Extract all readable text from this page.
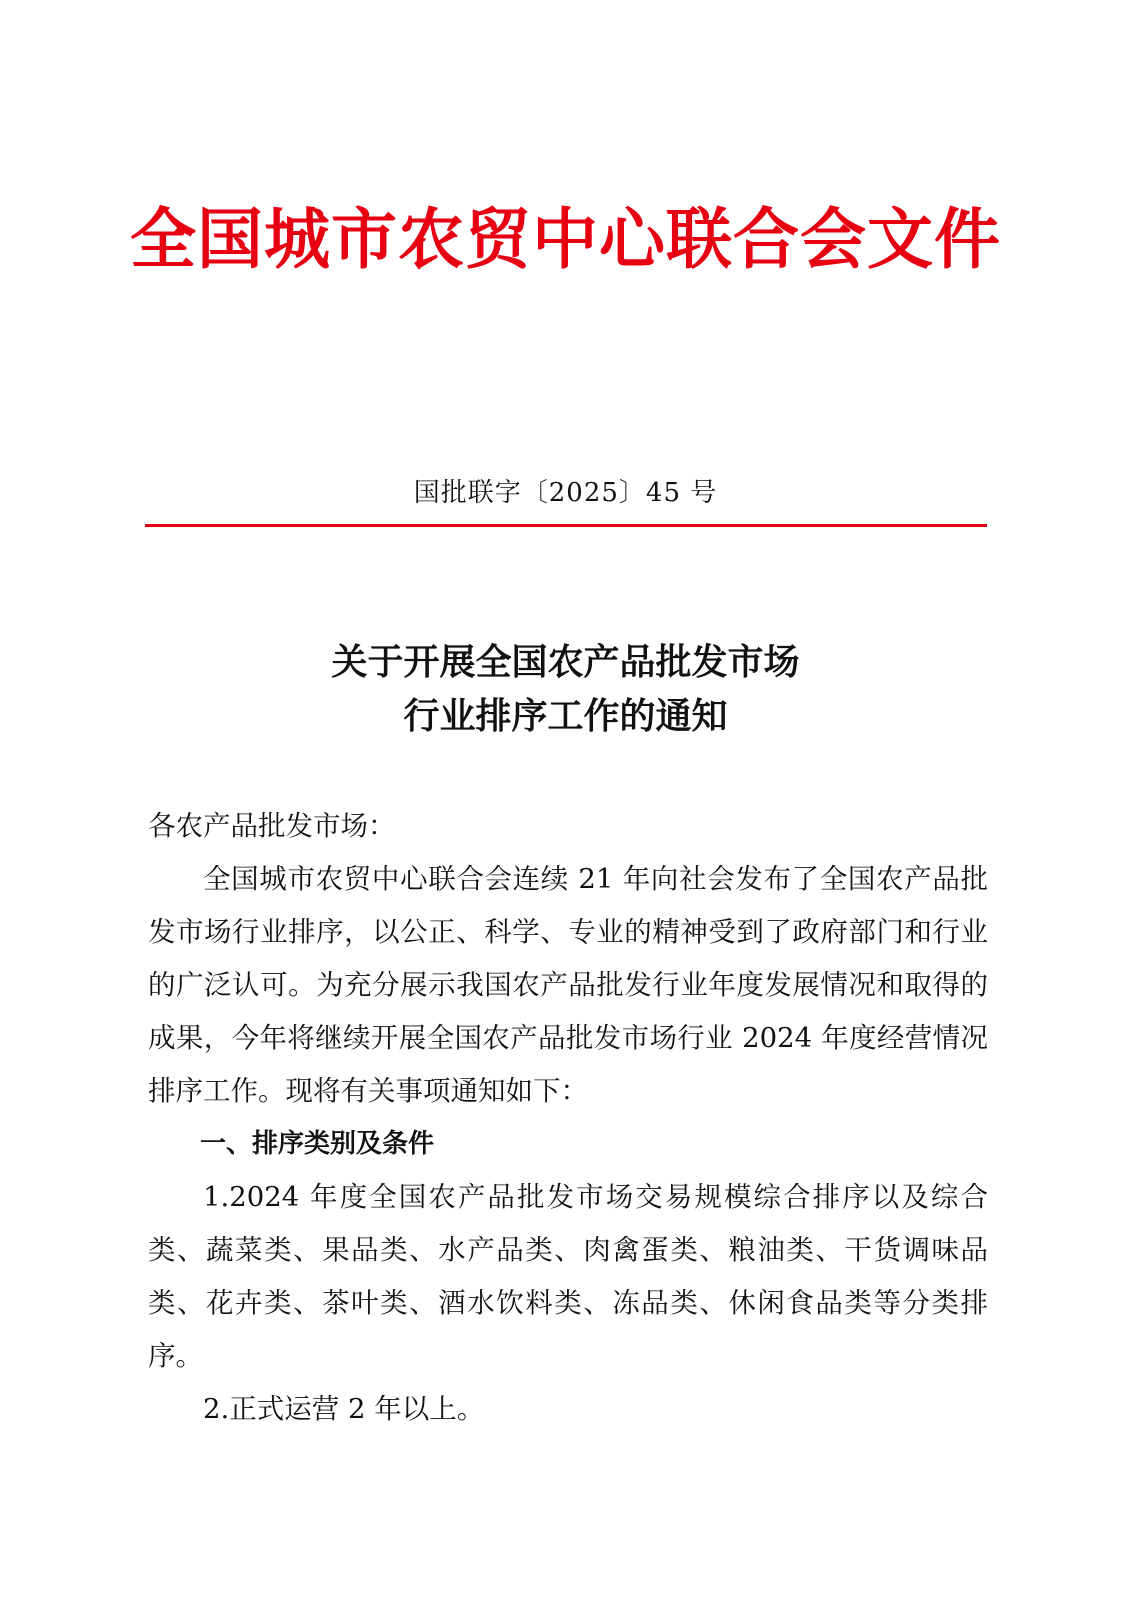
全国城市农贸中心联合会文件
国批联字〔2025〕45 号
关于开展全国农产品批发市场
行业排序工作的通知

各农产品批发市场：

全国城市农贸中心联合会连续 21 年向社会发布了全国农产品批发市场行业排序，以公正、科学、专业的精神受到了政府部门和行业的广泛认可。为充分展示我国农产品批发行业年度发展情况和取得的成果，今年将继续开展全国农产品批发市场行业 2024 年度经营情况排序工作。现将有关事项通知如下：

一、排序类别及条件

1.2024 年度全国农产品批发市场交易规模综合排序以及综合类、蔬菜类、果品类、水产品类、肉禽蛋类、粮油类、干货调味品类、花卉类、茶叶类、酒水饮料类、冻品类、休闲食品类等分类排序。

2.正式运营 2 年以上。
